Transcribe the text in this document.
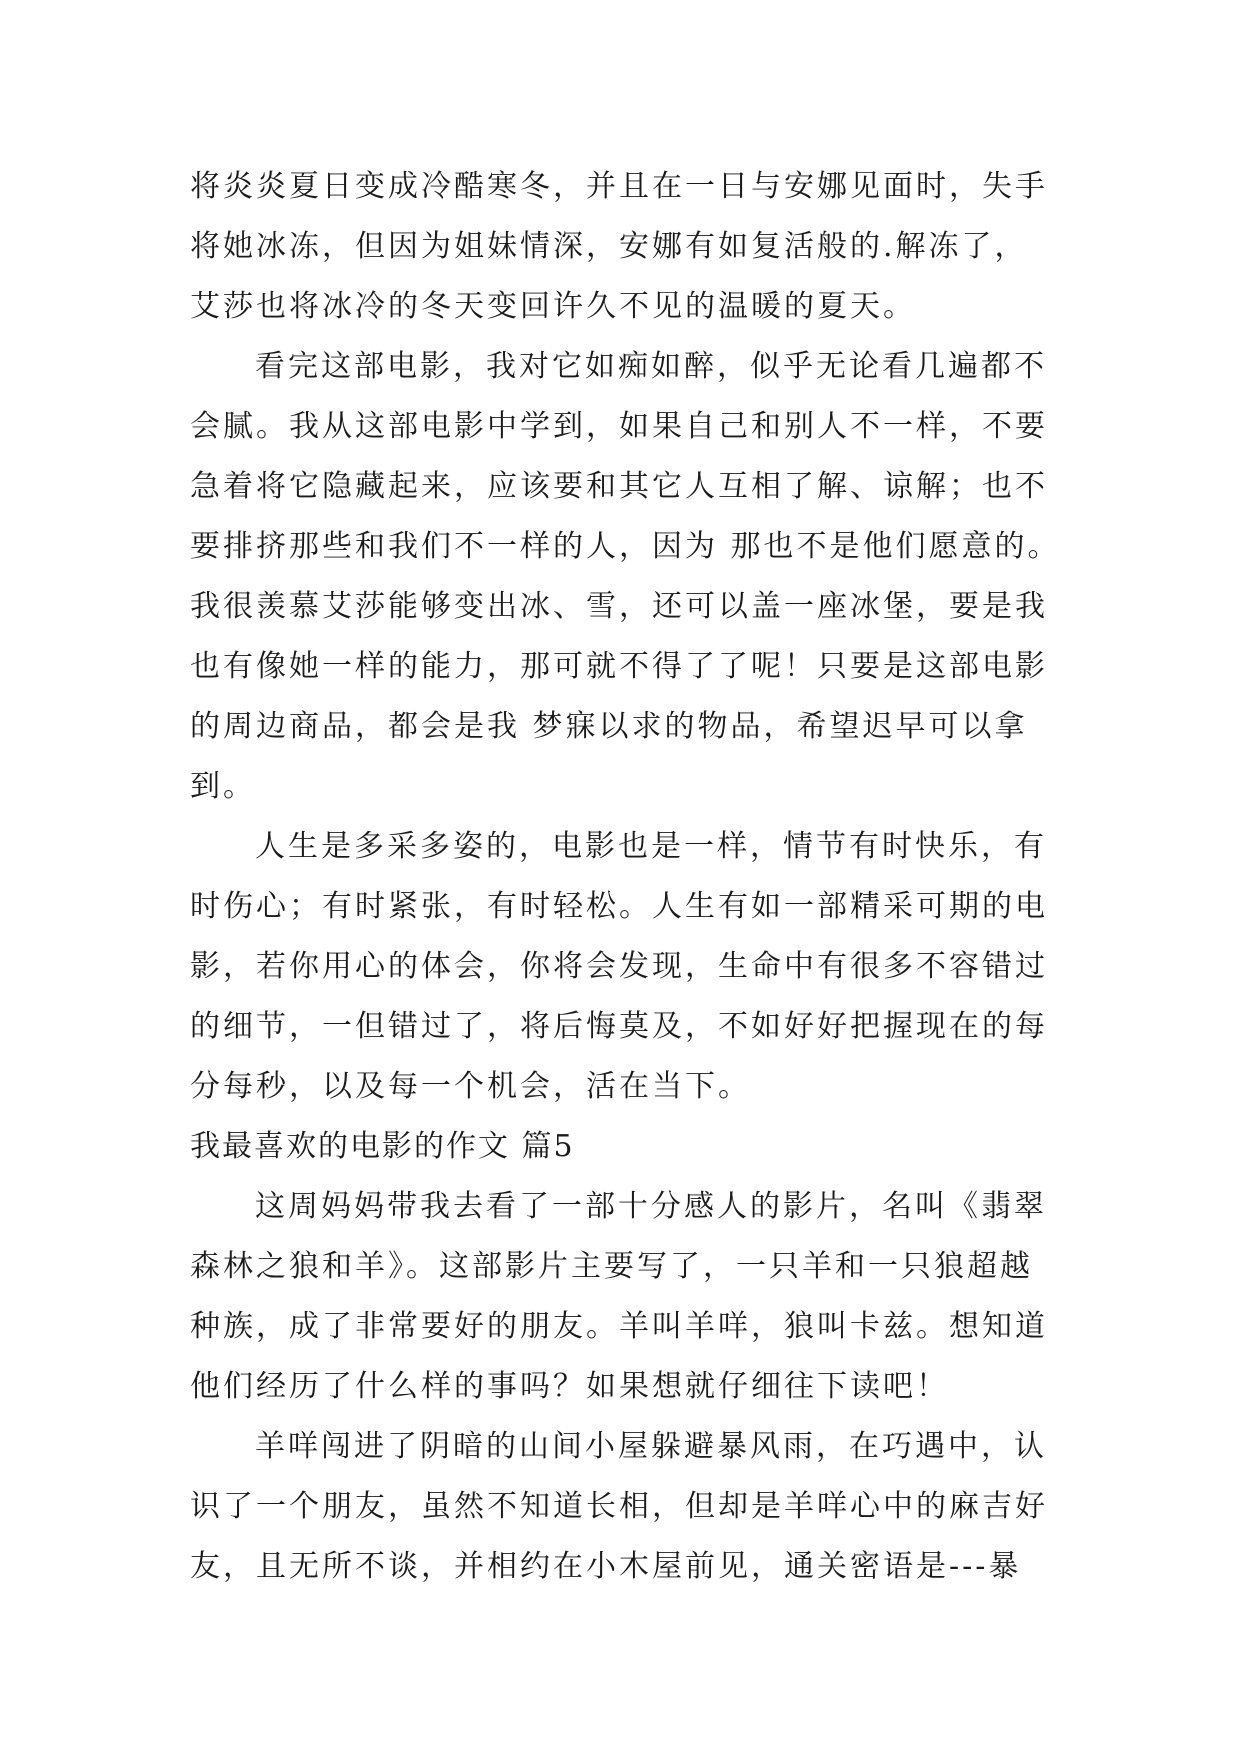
将炎炎夏日变成冷酷寒冬，并且在一日与安娜见面时，失手
将她冰冻，但因为姐妹情深，安娜有如复活般的.解冻了，
艾莎也将冰冷的冬天变回许久不见的温暖的夏天。
看完这部电影，我对它如痴如醉，似乎无论看几遍都不
会腻。我从这部电影中学到，如果自己和别人不一样，不要
急着将它隐藏起来，应该要和其它人互相了解、谅解；也不
要排挤那些和我们不一样的人，因为 那也不是他们愿意的。
我很羡慕艾莎能够变出冰、雪，还可以盖一座冰堡，要是我
也有像她一样的能力，那可就不得了了呢！只要是这部电影
的周边商品，都会是我 梦寐以求的物品，希望迟早可以拿
到。
人生是多采多姿的，电影也是一样，情节有时快乐，有
时伤心；有时紧张，有时轻松。人生有如一部精采可期的电
影，若你用心的体会，你将会发现，生命中有很多不容错过
的细节，一但错过了，将后悔莫及，不如好好把握现在的每
分每秒，以及每一个机会，活在当下。
我最喜欢的电影的作文 篇5
这周妈妈带我去看了一部十分感人的影片，名叫《翡翠
森林之狼和羊》。这部影片主要写了，一只羊和一只狼超越
种族，成了非常要好的朋友。羊叫羊咩，狼叫卡兹。想知道
他们经历了什么样的事吗？如果想就仔细往下读吧！
羊咩闯进了阴暗的山间小屋躲避暴风雨，在巧遇中，认
识了一个朋友，虽然不知道长相，但却是羊咩心中的麻吉好
友，且无所不谈，并相约在小木屋前见，通关密语是---暴
